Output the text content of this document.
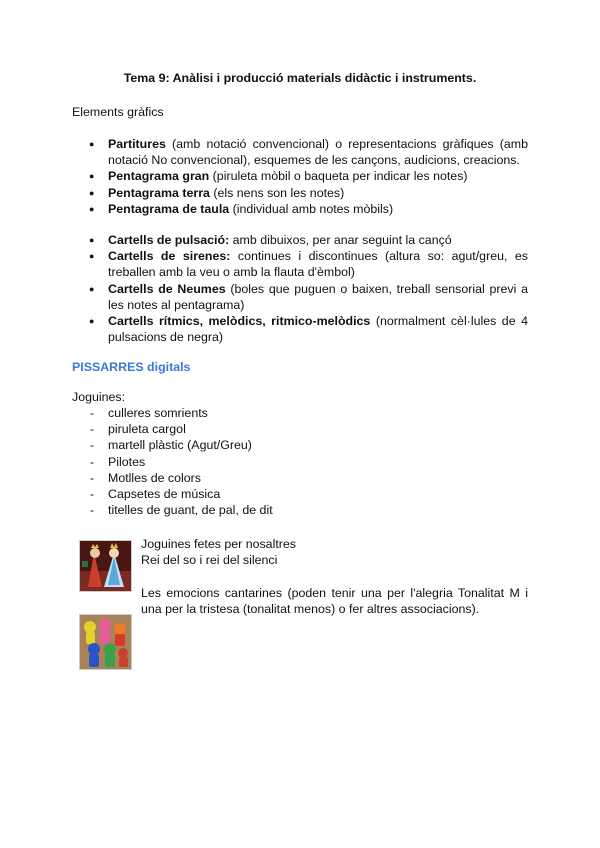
Tema 9: Anàlisi i producció materials didàctic i instruments.
Elements gràfics
● Partitures (amb notació convencional) o representacions gràfiques (amb notació No convencional), esquemes de les cançons, audicions, creacions.
● Pentagrama gran (piruleta mòbil o baqueta per indicar les notes)
● Pentagrama terra (els nens son les notes)
● Pentagrama de taula (individual amb notes mòbils)
● Cartells de pulsació: amb dibuixos, per anar seguint la cançó
● Cartells de sirenes: continues i discontinues (altura so: agut/greu, es treballen amb la veu o amb la flauta d'èmbol)
● Cartells de Neumes (boles que puguen o baixen, treball sensorial previ a les notes al pentagrama)
● Cartells rítmics, melòdics, ritmico-melòdics (normalment cèl·lules de 4 pulsacions de negra)
PISSARRES digitals
Joguines:
- culleres somrients
- piruleta cargol
- martell plàstic (Agut/Greu)
- Pilotes
- Motlles de colors
- Capsetes de música
- titelles de guant, de pal, de dit
Joguines fetes per nosaltres
Rei del so i rei del silenci
Les emocions cantarines (poden tenir una per l'alegria Tonalitat M i una per la tristesa (tonalitat menos) o fer altres associacions).
